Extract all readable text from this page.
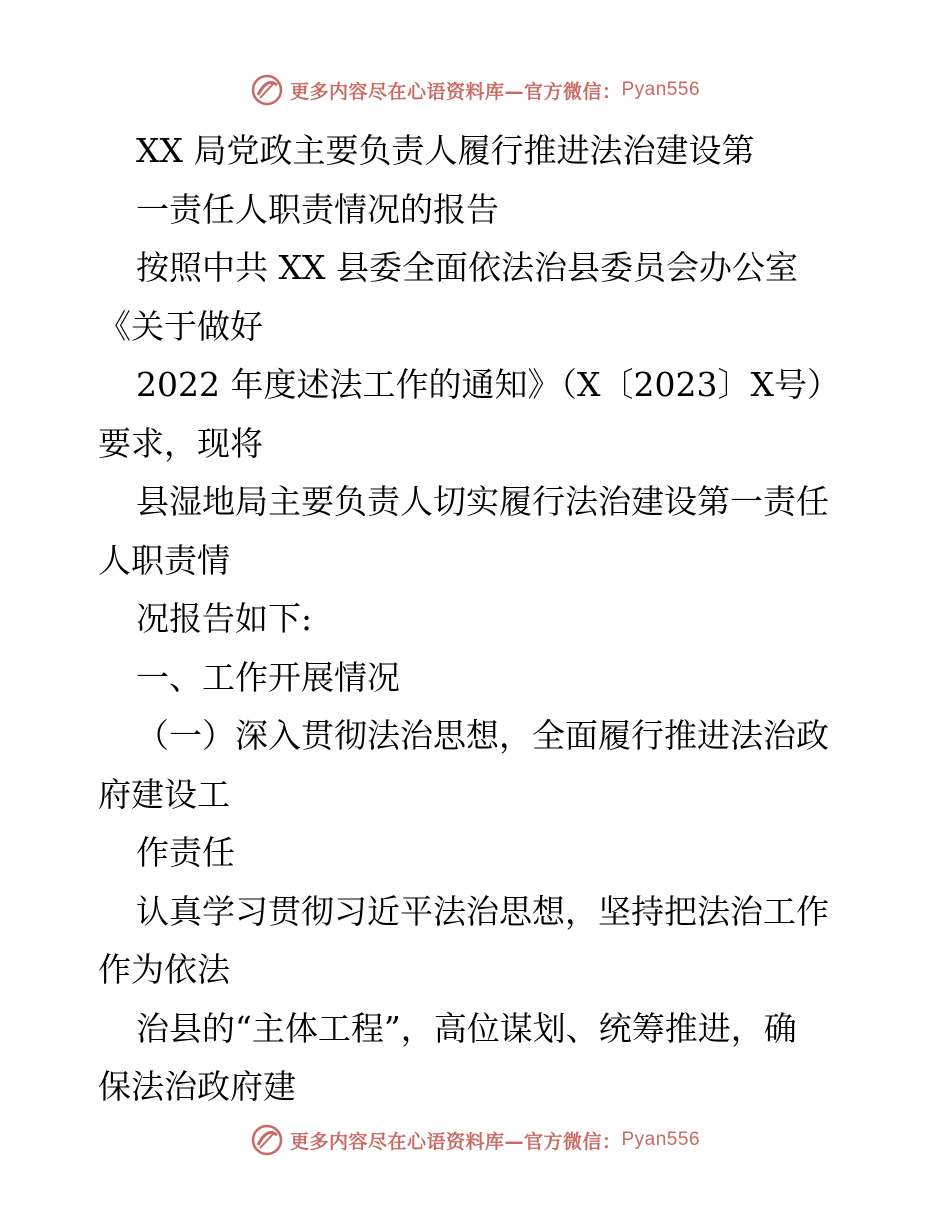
更多内容尽在心语资料库—官方微信： Pyan556
XX 局党政主要负责人履行推进法治建设第
一责任人职责情况的报告
按照中共 XX 县委全面依法治县委员会办公室
《关于做好
2022 年度述法工作的通知》（X〔2023〕X号）
要求，现将
县湿地局主要负责人切实履行法治建设第一责任
人职责情
况报告如下:
一、工作开展情况
（一）深入贯彻法治思想，全面履行推进法治政
府建设工
作责任
认真学习贯彻习近平法治思想，坚持把法治工作
作为依法
治县的“主体工程”，高位谋划、统筹推进，确
保法治政府建
更多内容尽在心语资料库—官方微信： Pyan556
